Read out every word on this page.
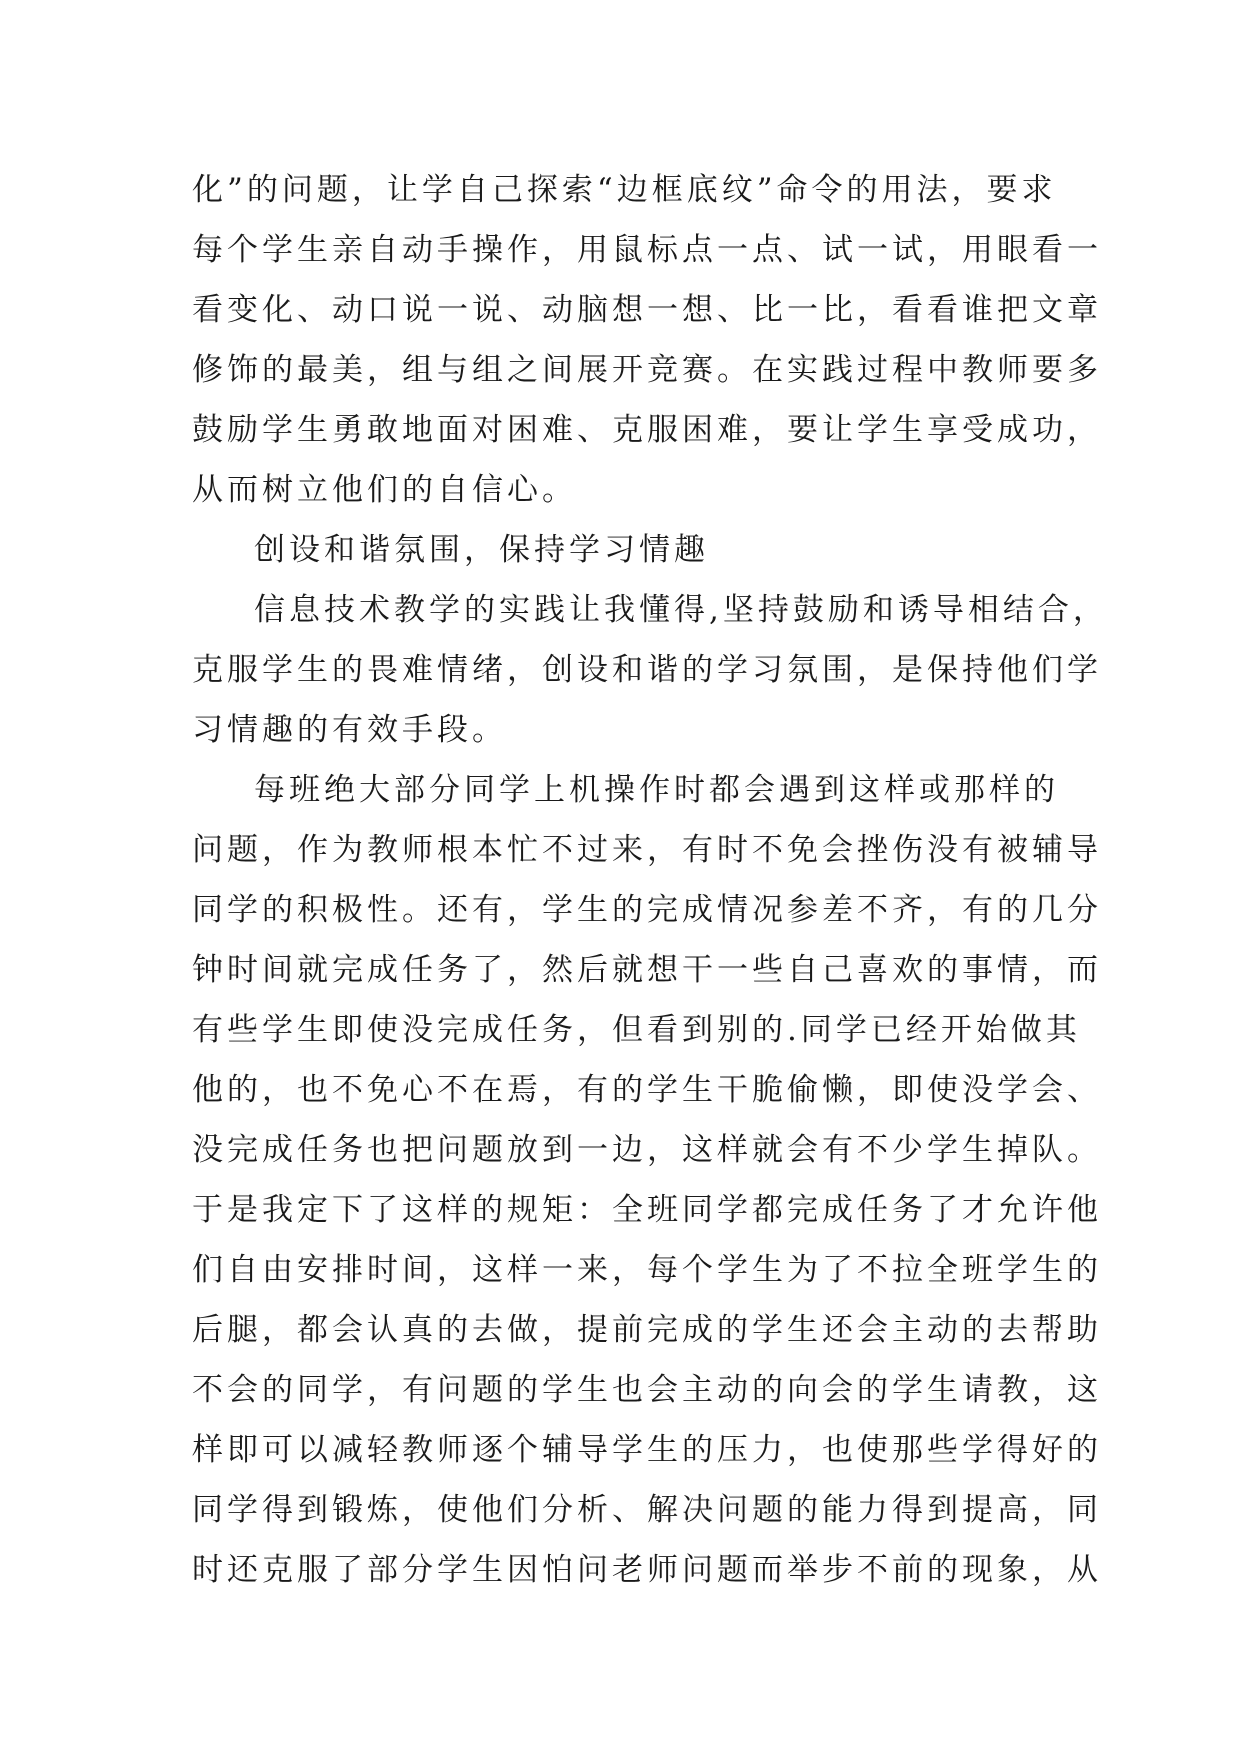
化”的问题，让学自己探索“边框底纹”命令的用法，要求
每个学生亲自动手操作，用鼠标点一点、试一试，用眼看一
看变化、动口说一说、动脑想一想、比一比，看看谁把文章
修饰的最美，组与组之间展开竞赛。在实践过程中教师要多
鼓励学生勇敢地面对困难、克服困难，要让学生享受成功，
从而树立他们的自信心。
创设和谐氛围，保持学习情趣
信息技术教学的实践让我懂得,坚持鼓励和诱导相结合，
克服学生的畏难情绪，创设和谐的学习氛围，是保持他们学
习情趣的有效手段。
每班绝大部分同学上机操作时都会遇到这样或那样的
问题，作为教师根本忙不过来，有时不免会挫伤没有被辅导
同学的积极性。还有，学生的完成情况参差不齐，有的几分
钟时间就完成任务了，然后就想干一些自己喜欢的事情，而
有些学生即使没完成任务，但看到别的.同学已经开始做其
他的，也不免心不在焉，有的学生干脆偷懒，即使没学会、
没完成任务也把问题放到一边，这样就会有不少学生掉队。
于是我定下了这样的规矩：全班同学都完成任务了才允许他
们自由安排时间，这样一来，每个学生为了不拉全班学生的
后腿，都会认真的去做，提前完成的学生还会主动的去帮助
不会的同学，有问题的学生也会主动的向会的学生请教，这
样即可以减轻教师逐个辅导学生的压力，也使那些学得好的
同学得到锻炼，使他们分析、解决问题的能力得到提高，同
时还克服了部分学生因怕问老师问题而举步不前的现象，从
